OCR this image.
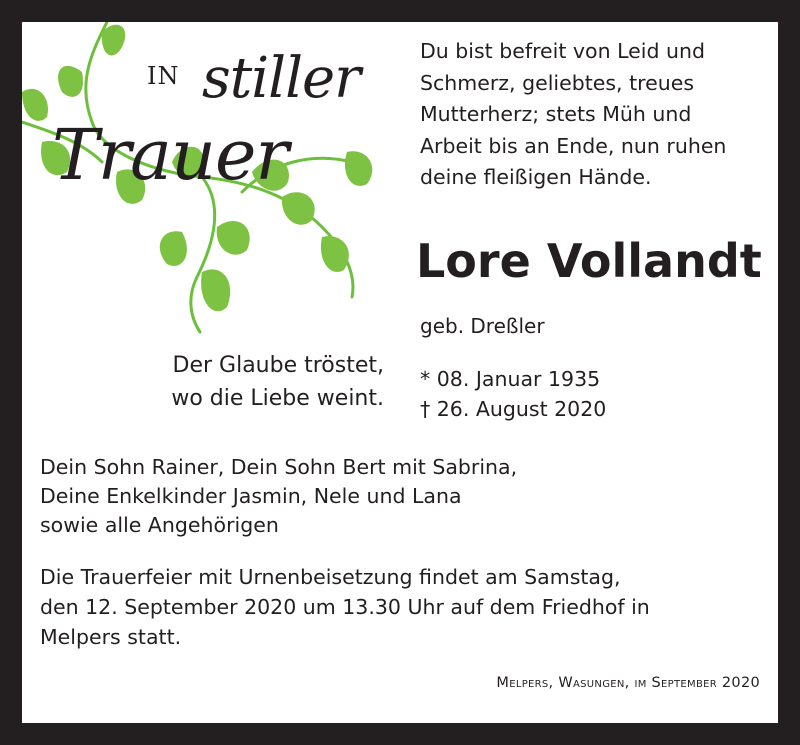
IN stiller
Trauer
Du bist befreit von Leid und
Schmerz, geliebtes, treues
Mutterherz; stets Müh und
Arbeit bis an Ende, nun ruhen
deine fleißigen Hände.
Lore Vollandt
geb. Dreßler
Der Glaube tröstet,
wo die Liebe weint.
* 08. Januar 1935
† 26. August 2020
Dein Sohn Rainer, Dein Sohn Bert mit Sabrina,
Deine Enkelkinder Jasmin, Nele und Lana
sowie alle Angehörigen
Die Trauerfeier mit Urnenbeisetzung findet am Samstag,
den 12. September 2020 um 13.30 Uhr auf dem Friedhof in
Melpers statt.
Melpers, Wasungen, im September 2020
